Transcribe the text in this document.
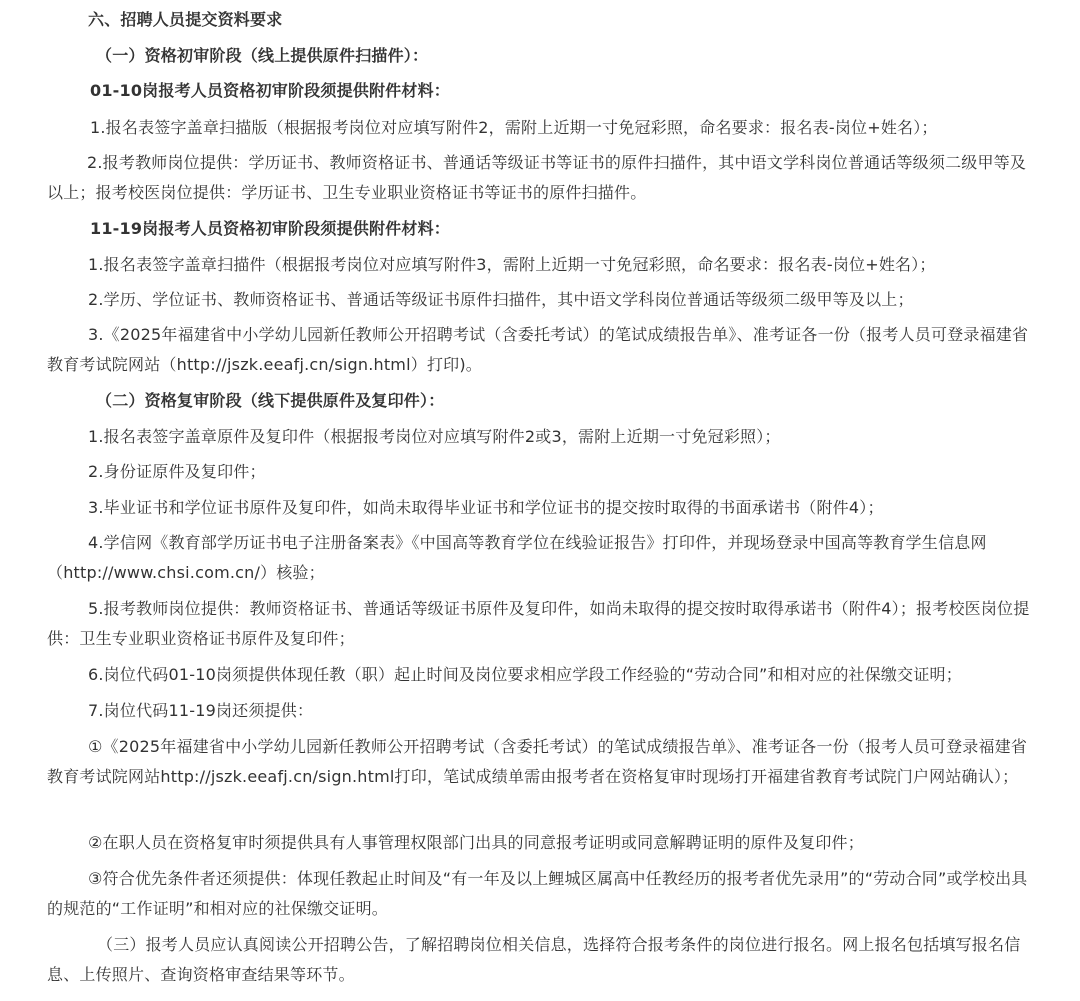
六、招聘人员提交资料要求

（一）资格初审阶段（线上提供原件扫描件）：

01-10岗报考人员资格初审阶段须提供附件材料：

1.报名表签字盖章扫描版（根据报考岗位对应填写附件2，需附上近期一寸免冠彩照，命名要求：报名表-岗位+姓名）；

2.报考教师岗位提供：学历证书、教师资格证书、普通话等级证书等证书的原件扫描件，其中语文学科岗位普通话等级须二级甲等及以上；报考校医岗位提供：学历证书、卫生专业职业资格证书等证书的原件扫描件。

11-19岗报考人员资格初审阶段须提供附件材料：

1.报名表签字盖章扫描件（根据报考岗位对应填写附件3，需附上近期一寸免冠彩照，命名要求：报名表-岗位+姓名）；

2.学历、学位证书、教师资格证书、普通话等级证书原件扫描件，其中语文学科岗位普通话等级须二级甲等及以上；

3.《2025年福建省中小学幼儿园新任教师公开招聘考试（含委托考试）的笔试成绩报告单》、准考证各一份（报考人员可登录福建省教育考试院网站（http://jszk.eeafj.cn/sign.html）打印)。

（二）资格复审阶段（线下提供原件及复印件）：

1.报名表签字盖章原件及复印件（根据报考岗位对应填写附件2或3，需附上近期一寸免冠彩照）；

2.身份证原件及复印件；

3.毕业证书和学位证书原件及复印件，如尚未取得毕业证书和学位证书的提交按时取得的书面承诺书（附件4）；

4.学信网《教育部学历证书电子注册备案表》《中国高等教育学位在线验证报告》打印件，并现场登录中国高等教育学生信息网（http://www.chsi.com.cn/）核验；

5.报考教师岗位提供：教师资格证书、普通话等级证书原件及复印件，如尚未取得的提交按时取得承诺书（附件4）；报考校医岗位提供：卫生专业职业资格证书原件及复印件；

6.岗位代码01-10岗须提供体现任教（职）起止时间及岗位要求相应学段工作经验的“劳动合同”和相对应的社保缴交证明；

7.岗位代码11-19岗还须提供：

①《2025年福建省中小学幼儿园新任教师公开招聘考试（含委托考试）的笔试成绩报告单》、准考证各一份（报考人员可登录福建省教育考试院网站http://jszk.eeafj.cn/sign.html打印，笔试成绩单需由报考者在资格复审时现场打开福建省教育考试院门户网站确认）；

②在职人员在资格复审时须提供具有人事管理权限部门出具的同意报考证明或同意解聘证明的原件及复印件；

③符合优先条件者还须提供：体现任教起止时间及“有一年及以上鲤城区属高中任教经历的报考者优先录用”的“劳动合同”或学校出具的规范的“工作证明”和相对应的社保缴交证明。

（三）报考人员应认真阅读公开招聘公告，了解招聘岗位相关信息，选择符合报考条件的岗位进行报名。网上报名包括填写报名信息、上传照片、查询资格审查结果等环节。
